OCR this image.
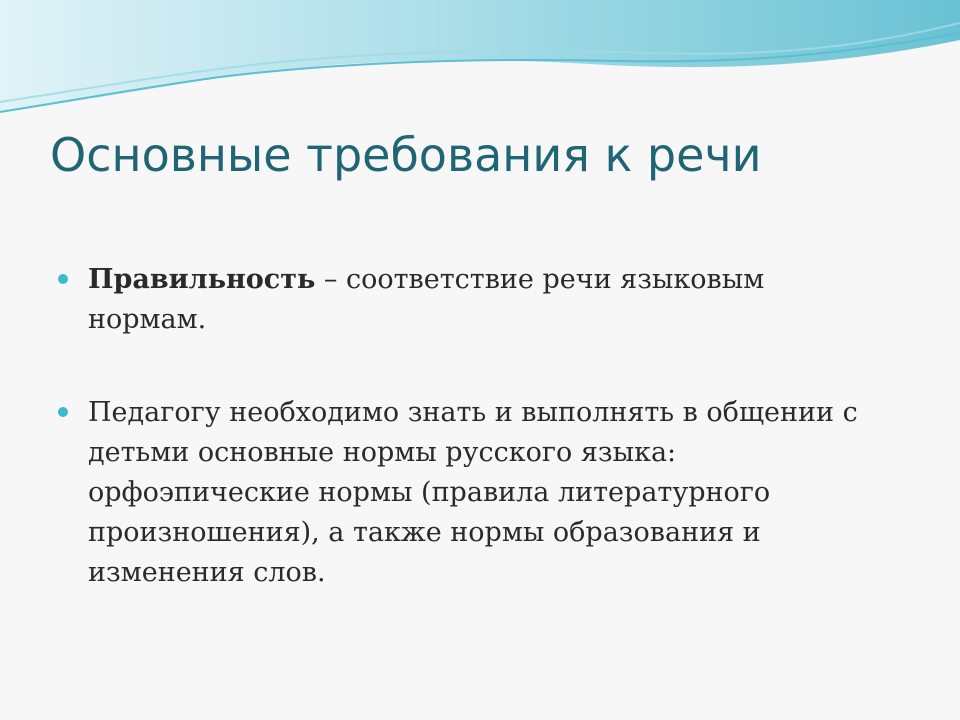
Основные требования к речи

Правильность – соответствие речи языковым нормам.

Педагогу необходимо знать и выполнять в общении с детьми основные нормы русского языка: орфоэпические нормы (правила литературного произношения), а также нормы образования и изменения слов.
